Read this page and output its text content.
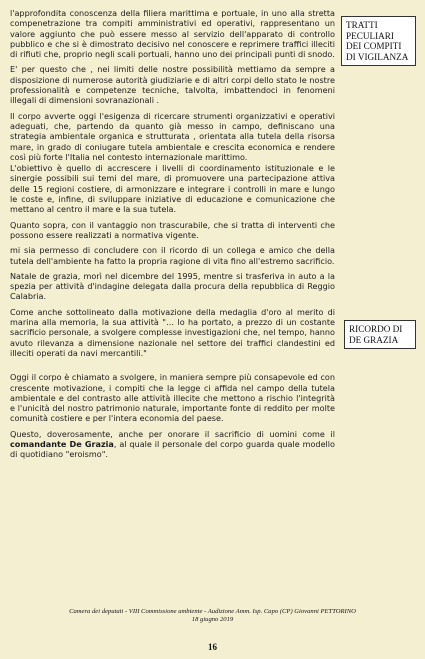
l'approfondita conoscenza della filiera marittima e portuale, in uno alla stretta compenetrazione tra compiti amministrativi ed operativi, rappresentano un valore aggiunto che può essere messo al servizio dell'apparato di controllo pubblico e che si è dimostrato decisivo nel conoscere e reprimere traffici illeciti di rifiuti che, proprio negli scali portuali, hanno uno dei principali punti di snodo.

E' per questo che , nei limiti delle nostre possibilità mettiamo da sempre a disposizione di numerose autorità giudiziarie e di altri corpi dello stato le nostre professionalità e competenze tecniche, talvolta, imbattendoci in fenomeni illegali di dimensioni sovranazionali .

Il corpo avverte oggi l'esigenza di ricercare strumenti organizzativi e operativi adeguati, che, partendo da quanto già messo in campo, definiscano una strategia ambientale organica e strutturata , orientata alla tutela della risorsa mare, in grado di coniugare tutela ambientale e crescita economica e rendere così più forte l'Italia nel contesto internazionale marittimo.

L'obiettivo è quello di accrescere i livelli di coordinamento istituzionale e le sinergie possibili sui temi del mare, di promuovere una partecipazione attiva delle 15 regioni costiere, di armonizzare e integrare i controlli in mare e lungo le coste e, infine, di sviluppare iniziative di educazione e comunicazione che mettano al centro il mare e la sua tutela.

Quanto sopra, con il vantaggio non trascurabile, che si tratta di interventi che possono essere realizzati a normativa vigente.

mi sia permesso di concludere con il ricordo di un collega e amico che della tutela dell'ambiente ha fatto la propria ragione di vita fino all'estremo sacrificio.

Natale de grazia, morì nel dicembre del 1995, mentre si trasferiva in auto a la spezia per attività d'indagine delegata dalla procura della repubblica di Reggio Calabria.

Come anche sottolineato dalla motivazione della medaglia d'oro al merito di marina alla memoria, la sua attività "… lo ha portato, a prezzo di un costante sacrificio personale, a svolgere complesse investigazioni che, nel tempo, hanno avuto rilevanza a dimensione nazionale nel settore dei traffici clandestini ed illeciti operati da navi mercantili."

Oggi il corpo è chiamato a svolgere, in maniera sempre più consapevole ed con crescente motivazione, i compiti che la legge ci affida nel campo della tutela ambientale e del contrasto alle attività illecite che mettono a rischio l'integrità e l'unicità del nostro patrimonio naturale, importante fonte di reddito per molte comunità costiere e per l'intera economia del paese.

Questo, doverosamente, anche per onorare il sacrificio di uomini come il comandante De Grazia, al quale il personale del corpo guarda quale modello di quotidiano "eroismo".

TRATTI PECULIARI DEI COMPITI DI VIGILANZA
RICORDO DI DE GRAZIA
Camera dei deputati - VIII Commissione ambiente - Audizione Amm. Isp. Capo (CP) Giovanni PETTORINO
18 giugno 2019
16
